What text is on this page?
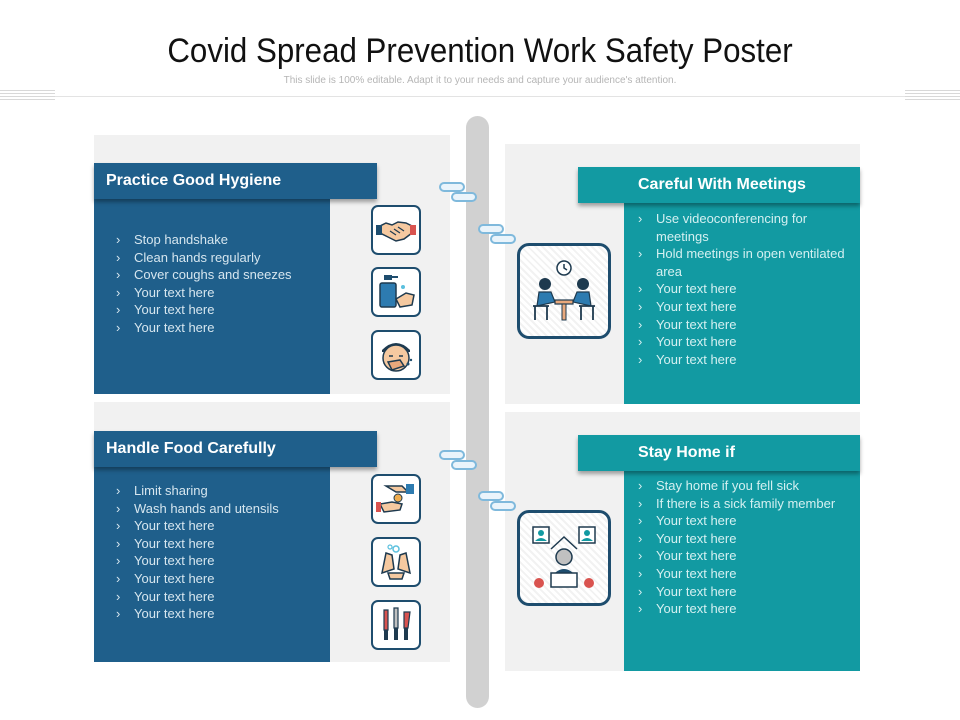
Covid Spread Prevention Work Safety Poster
This slide is 100% editable. Adapt it to your needs and capture your audience's attention.
› Stop handshake
› Clean hands regularly
› Cover coughs and sneezes
› Your text here
› Your text here
› Your text here
Practice Good Hygiene
› Limit sharing
› Wash hands and utensils
› Your text here
› Your text here
› Your text here
› Your text here
› Your text here
› Your text here
Handle Food Carefully
› Use videoconferencing for meetings
› Hold meetings in open ventilated area
› Your text here
› Your text here
› Your text here
› Your text here
› Your text here
Careful With Meetings
› Stay home if you fell sick
› If there is a sick family member
› Your text here
› Your text here
› Your text here
› Your text here
› Your text here
› Your text here
Stay Home if
